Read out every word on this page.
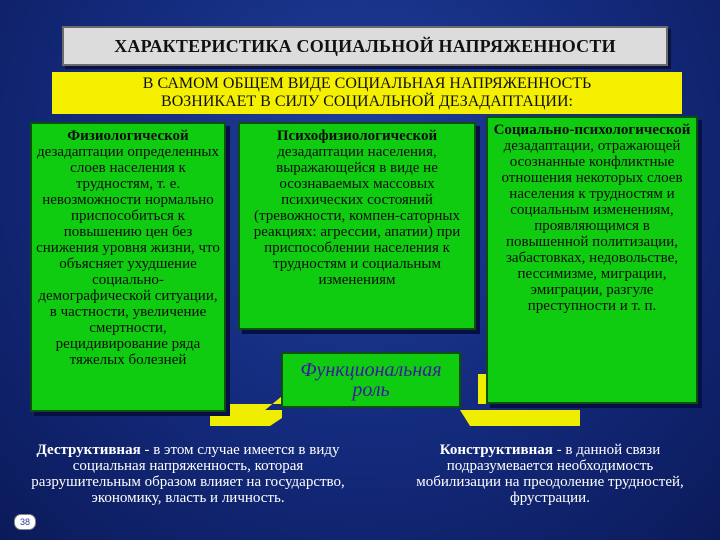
ХАРАКТЕРИСТИКА СОЦИАЛЬНОЙ НАПРЯЖЕННОСТИ
В САМОМ ОБЩЕМ ВИДЕ СОЦИАЛЬНАЯ НАПРЯЖЕННОСТЬ
ВОЗНИКАЕТ В СИЛУ СОЦИАЛЬНОЙ ДЕЗАДАПТАЦИИ:
Физиологической
дезадаптации определенных слоев населения к трудностям, т. е. невозможности нормально приспособиться к повышению цен без снижения уровня жизни, что объясняет ухудшение социально-демографической ситуации, в частности, увеличение смертности, рецидивирование ряда тяжелых болезней
Психофизиологической
дезадаптации населения, выражающейся в виде не осознаваемых массовых психических состояний (тревожности, компен-саторных реакциях: агрессии, апатии) при приспособлении населения к трудностям и социальным изменениям
Социально-психологической
дезадаптации, отражающей осознанные конфликтные отношения некоторых слоев населения к трудностям и социальным изменениям, проявляющимся в повышенной политизации, забастовках, недовольстве, пессимизме, миграции, эмиграции, разгуле преступности и т. п.
Функциональная
роль
Деструктивная - в этом случае имеется в виду социальная напряженность, которая разрушительным образом влияет на государство, экономику, власть и личность.
Конструктивная - в данной связи подразумевается необходимость мобилизации на преодоление трудностей, фрустрации.
38
